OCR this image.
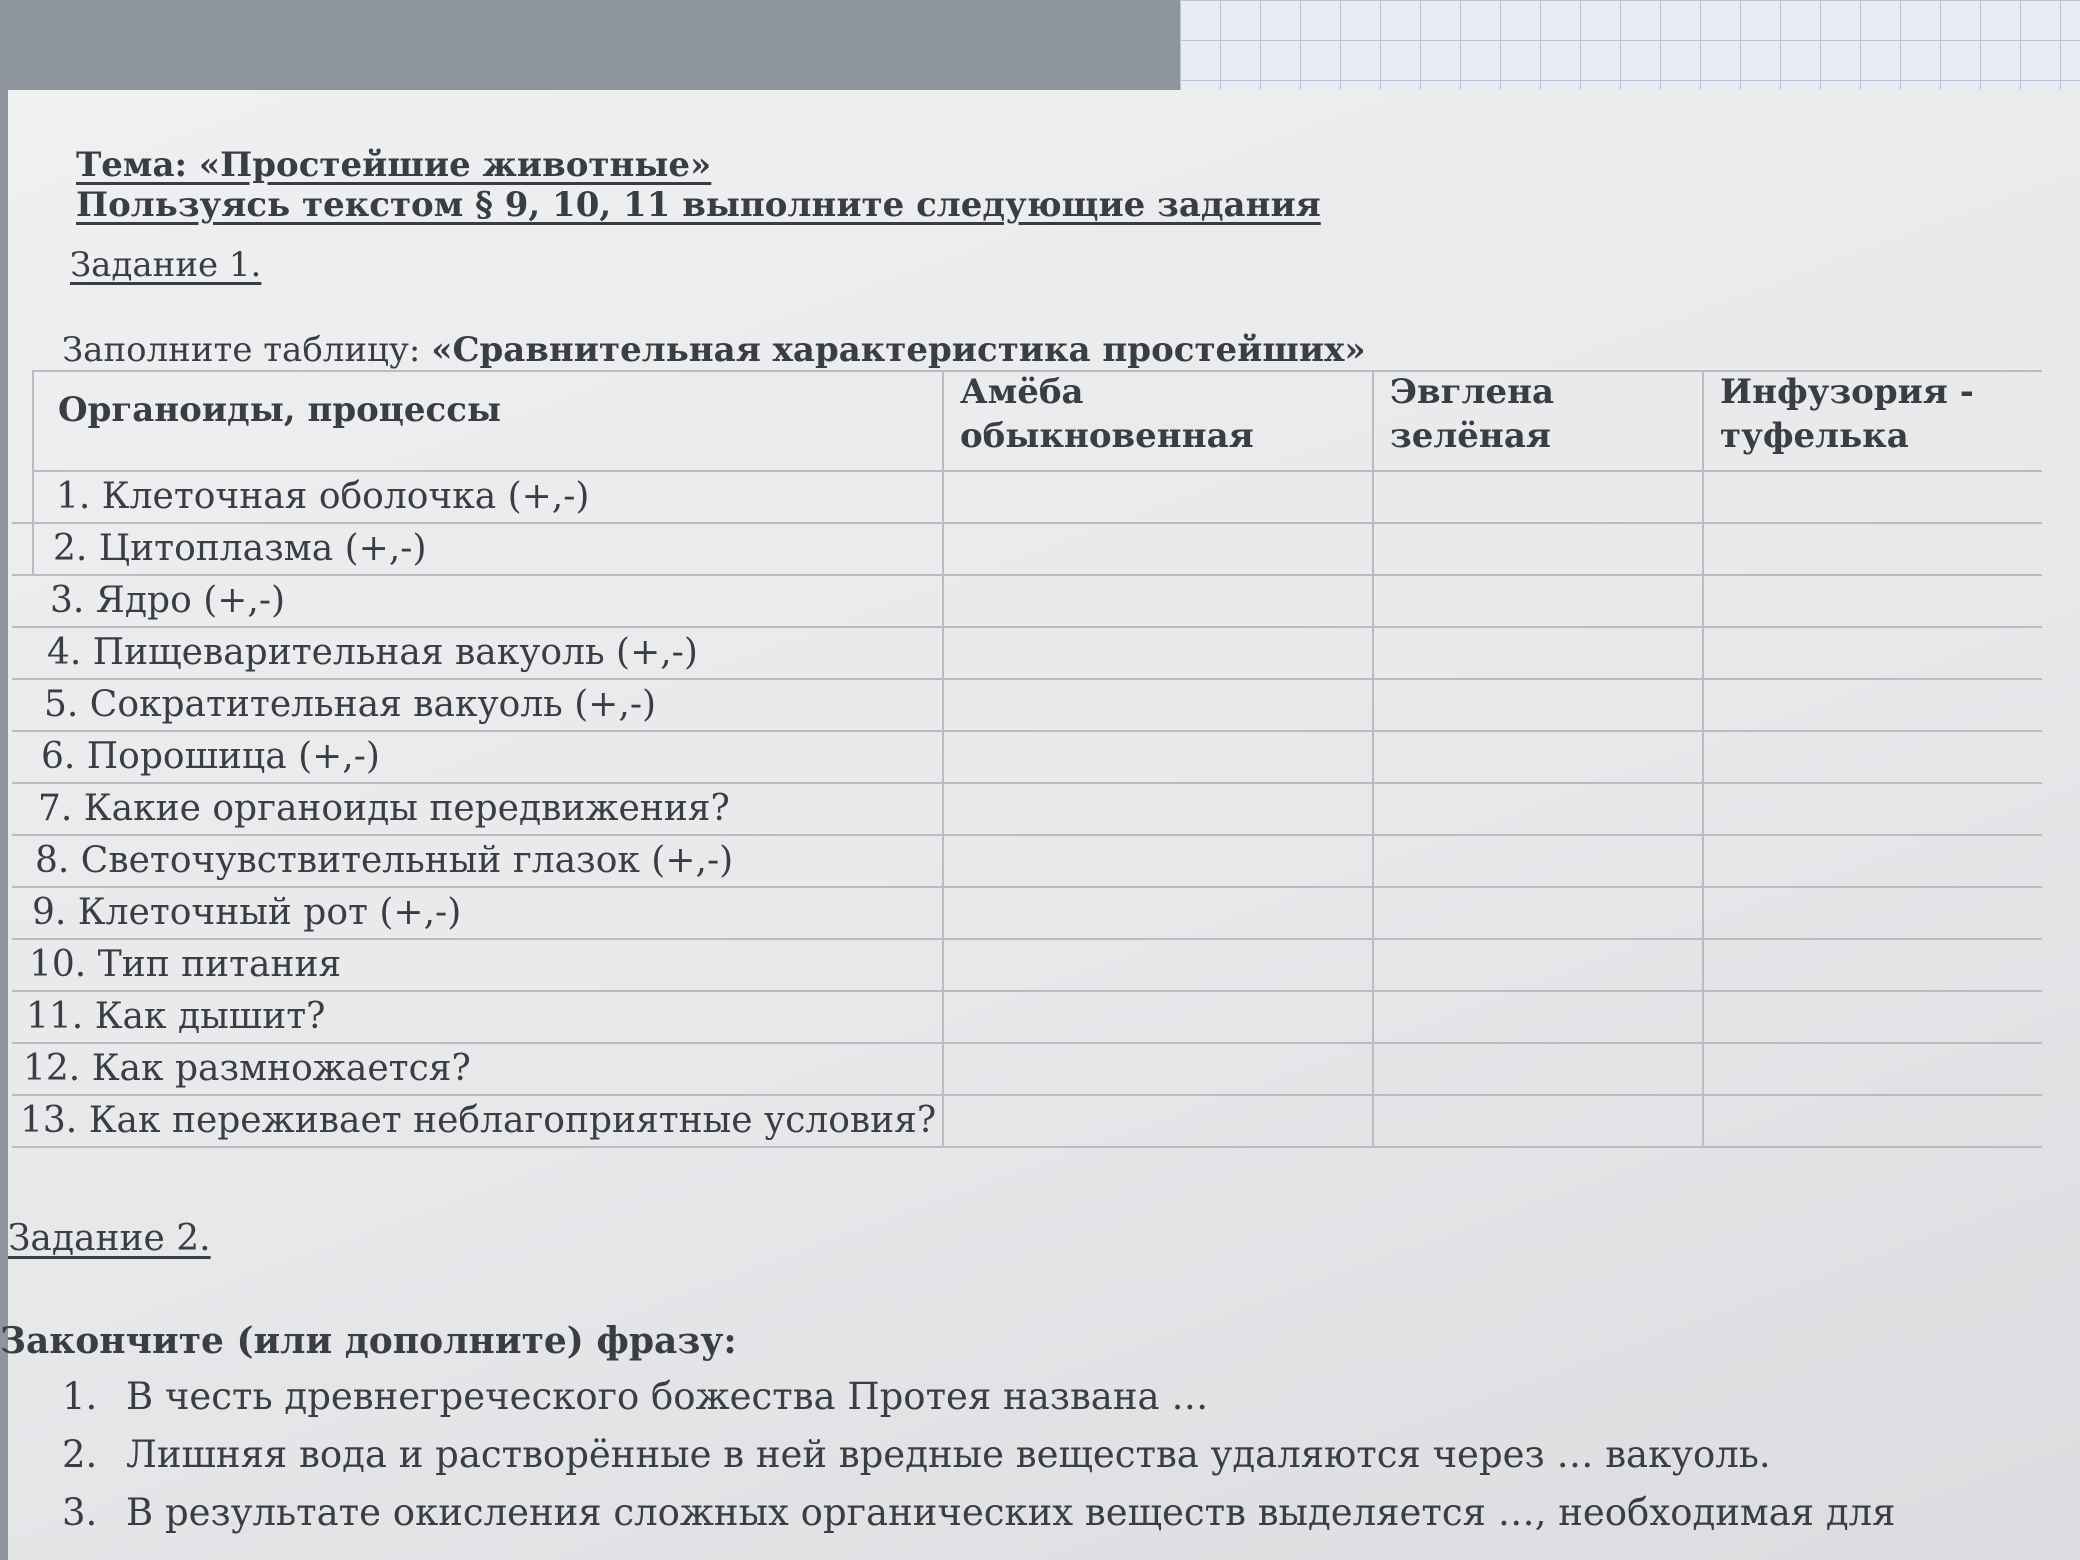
Тема: «Простейшие животные»
Пользуясь текстом § 9, 10, 11 выполните следующие задания
Задание 1.
Заполните таблицу: «Сравнительная характеристика простейших»
Органоиды, процессы	Амёба
обыкновенная
Эвглена
зелёная
Инфузория -
туфелька
1. Клеточная оболочка (+,-)
2. Цитоплазма (+,-)
3. Ядро (+,-)
4. Пищеварительная вакуоль (+,-)
5. Сократительная вакуоль (+,-)
6. Порошица (+,-)
7. Какие органоиды передвижения?
8. Светочувствительный глазок (+,-)
9. Клеточный рот (+,-)
10. Тип питания
11. Как дышит?
12. Как размножается?
13. Как переживает неблагоприятные условия?
Задание 2.
Закончите (или дополните) фразу:
1. В честь древнегреческого божества Протея названа …
2. Лишняя вода и растворённые в ней вредные вещества удаляются через … вакуоль.
3. В результате окисления сложных органических веществ выделяется …, необходимая для
